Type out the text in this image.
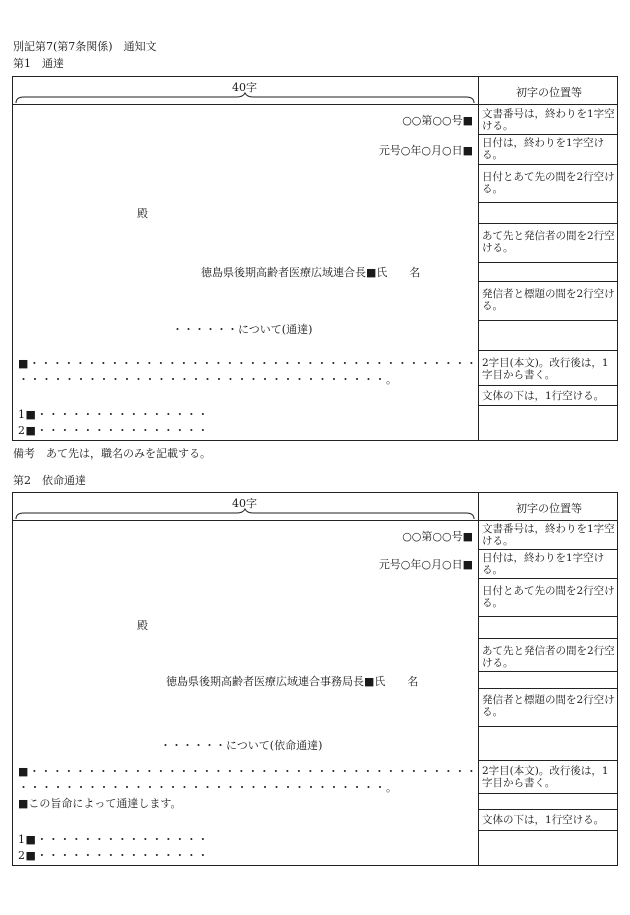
別記第7(第7条関係)　通知文
第1　通達
40字	初字の位置等
文書番号は，終わりを1字空ける。
日付は，終わりを1字空ける。
日付とあて先の間を2行空ける。
あて先と発信者の間を2行空ける。
発信者と標題の間を2行空ける。
2字目(本文)。改行後は，1字目から書く。
文体の下は，1行空ける。
○○第○○号■
元号○年○月○日■
殿
徳島県後期高齢者医療広域連合長■氏　　名
・・・・・・について(通達)
■・・・・・・・・・・・・・・・・・・・・・・・・・・・・・・・・・・・・・・・
・・・・・・・・・・・・・・・・・・・・・・・・・・・・・・・・。
1■・・・・・・・・・・・・・・・
2■・・・・・・・・・・・・・・・
備考　あて先は，職名のみを記載する。
第2　依命通達
40字	初字の位置等
文書番号は，終わりを1字空ける。
日付は，終わりを1字空ける。
日付とあて先の間を2行空ける。
あて先と発信者の間を2行空ける。
発信者と標題の間を2行空ける。
2字目(本文)。改行後は，1字目から書く。
文体の下は，1行空ける。
○○第○○号■
元号○年○月○日■
殿
徳島県後期高齢者医療広域連合事務局長■氏　　名
・・・・・・について(依命通達)
■・・・・・・・・・・・・・・・・・・・・・・・・・・・・・・・・・・・・・・・
・・・・・・・・・・・・・・・・・・・・・・・・・・・・・・・・。
■この旨命によって通達します。
1■・・・・・・・・・・・・・・・
2■・・・・・・・・・・・・・・・
